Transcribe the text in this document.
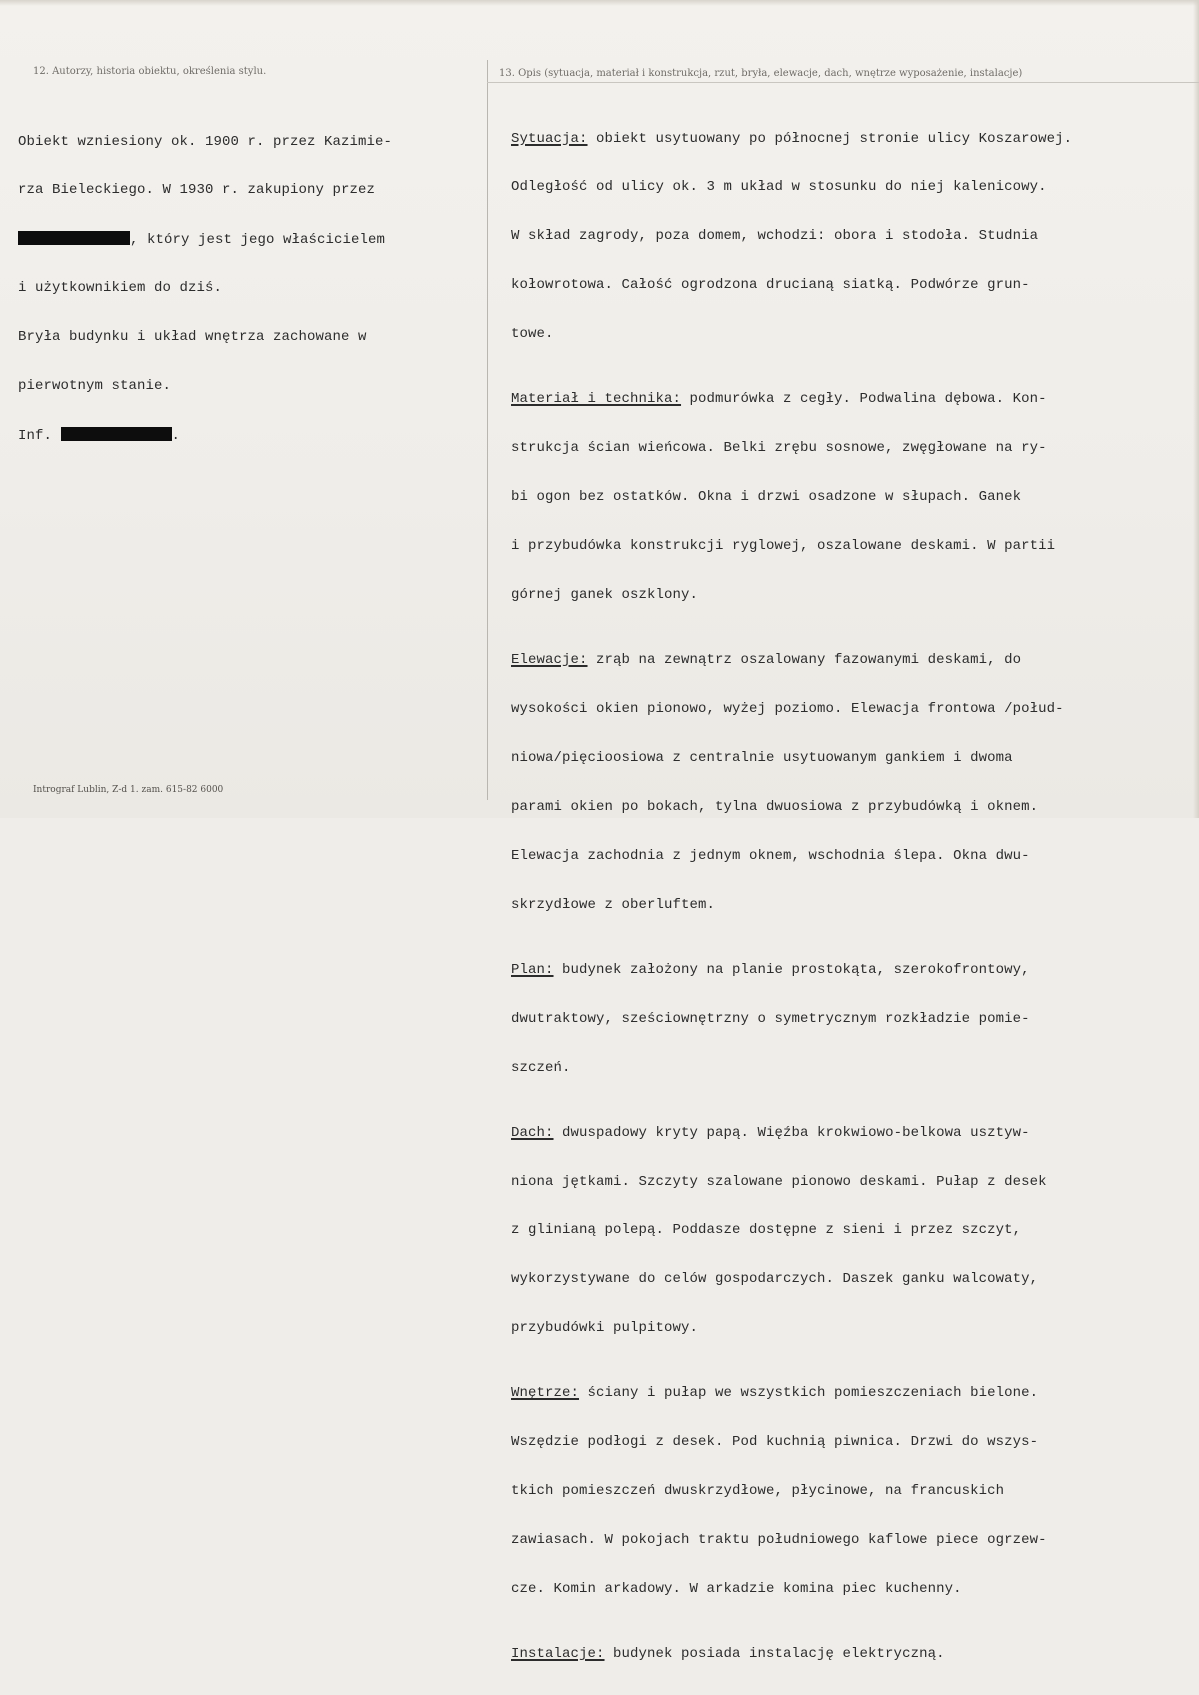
12. Autorzy, historia obiektu, określenia stylu.	13. Opis (sytuacja, materiał i konstrukcja, rzut, bryła, elewacje, dach, wnętrze wyposażenie, instalacje)

Obiekt wzniesiony ok. 1900 r. przez Kazimie-

rza Bieleckiego. W 1930 r. zakupiony przez

, który jest jego właścicielem

i użytkownikiem do dziś.

Bryła budynku i układ wnętrza zachowane w

pierwotnym stanie.

Inf.	.

Sytuacja: obiekt usytuowany po północnej stronie ulicy Koszarowej.

Odległość od ulicy ok. 3 m układ w stosunku do niej kalenicowy.

W skład zagrody, poza domem, wchodzi: obora i stodoła. Studnia

kołowrotowa. Całość ogrodzona drucianą siatką. Podwórze grun-

towe.

Materiał i technika: podmurówka z cegły. Podwalina dębowa. Kon-

strukcja ścian wieńcowa. Belki zrębu sosnowe, zwęgłowane na ry-

bi ogon bez ostatków. Okna i drzwi osadzone w słupach. Ganek

i przybudówka konstrukcji ryglowej, oszalowane deskami. W partii

górnej ganek oszklony.

Elewacje: zrąb na zewnątrz oszalowany fazowanymi deskami, do

wysokości okien pionowo, wyżej poziomo. Elewacja frontowa /połud-

niowa/pięcioosiowa z centralnie usytuowanym gankiem i dwoma

parami okien po bokach, tylna dwuosiowa z przybudówką i oknem.

Elewacja zachodnia z jednym oknem, wschodnia ślepa. Okna dwu-

skrzydłowe z oberluftem.

Plan: budynek założony na planie prostokąta, szerokofrontowy,

dwutraktowy, sześciownętrzny o symetrycznym rozkładzie pomie-

szczeń.

Dach: dwuspadowy kryty papą. Więźba krokwiowo-belkowa usztyw-

niona jętkami. Szczyty szalowane pionowo deskami. Pułap z desek

z glinianą polepą. Poddasze dostępne z sieni i przez szczyt,

wykorzystywane do celów gospodarczych. Daszek ganku walcowaty,

przybudówki pulpitowy.

Wnętrze: ściany i pułap we wszystkich pomieszczeniach bielone.

Wszędzie podłogi z desek. Pod kuchnią piwnica. Drzwi do wszys-

tkich pomieszczeń dwuskrzydłowe, płycinowe, na francuskich

zawiasach. W pokojach traktu południowego kaflowe piece ogrzew-

cze. Komin arkadowy. W arkadzie komina piec kuchenny.

Instalacje: budynek posiada instalację elektryczną.

Intrograf Lublin, Z-d 1. zam. 615-82 6000
